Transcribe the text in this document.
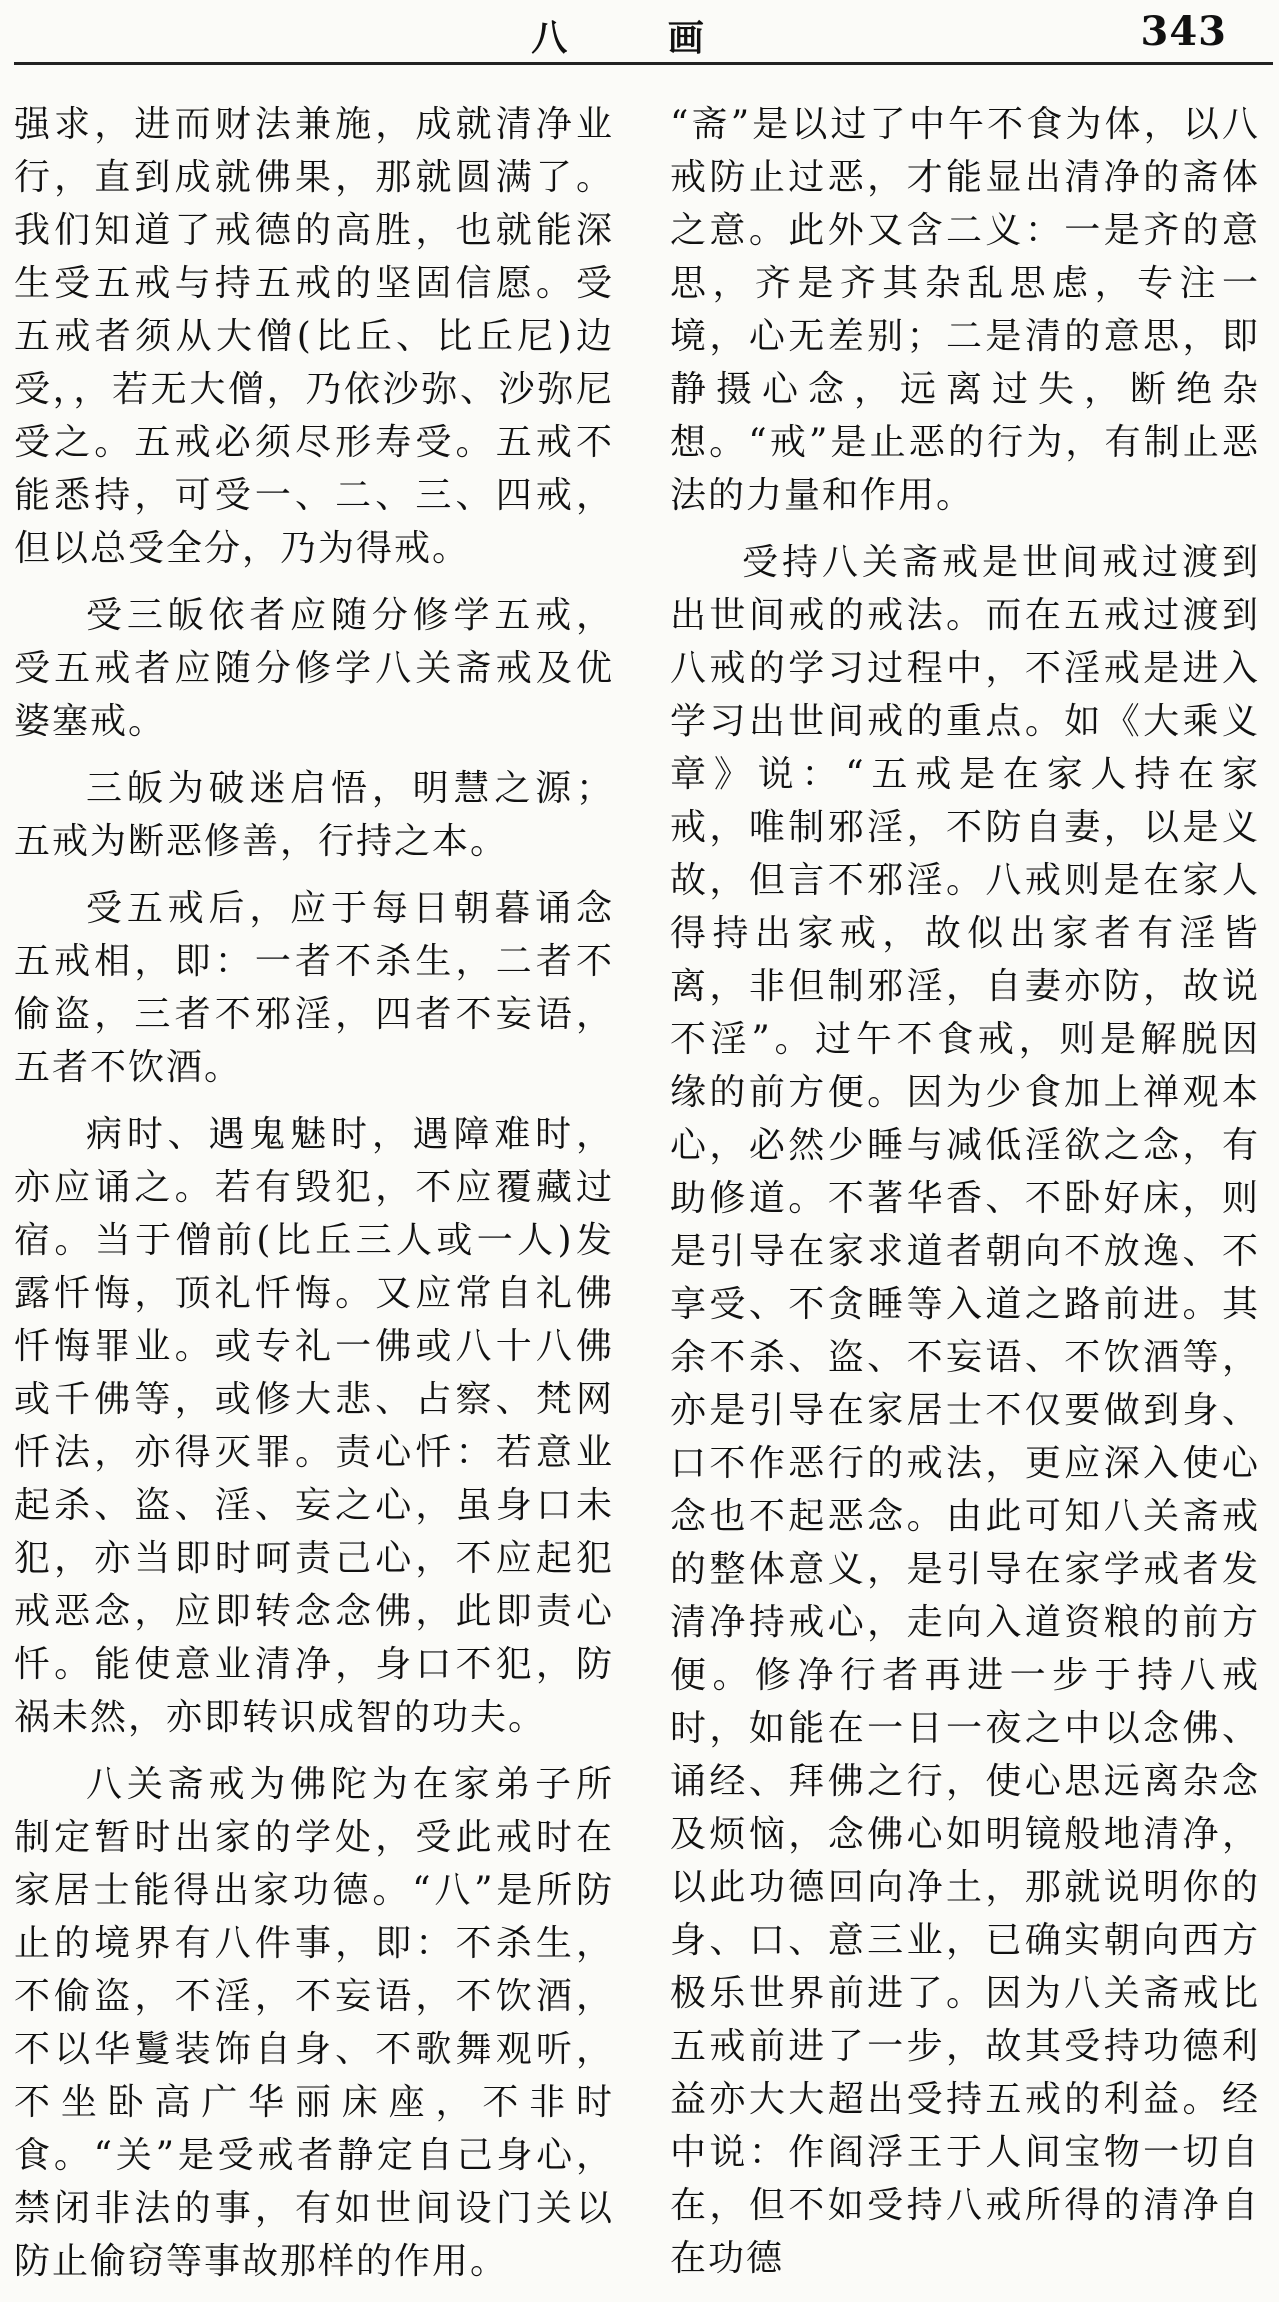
八 画	343

强求，进而财法兼施，成就清净业行，直到成就佛果，那就圆满了。我们知道了戒德的高胜，也就能深生受五戒与持五戒的坚固信愿。受五戒者须从大僧(比丘、比丘尼)边受，，若无大僧，乃依沙弥、沙弥尼受之。五戒必须尽形寿受。五戒不能悉持，可受一、二、三、四戒，但以总受全分，乃为得戒。

受三皈依者应随分修学五戒，受五戒者应随分修学八关斋戒及优婆塞戒。

三皈为破迷启悟，明慧之源；五戒为断恶修善，行持之本。

受五戒后，应于每日朝暮诵念五戒相，即：一者不杀生，二者不偷盗，三者不邪淫，四者不妄语，五者不饮酒。

病时、遇鬼魅时，遇障难时，亦应诵之。若有毁犯，不应覆藏过宿。当于僧前(比丘三人或一人)发露忏悔，顶礼忏悔。又应常自礼佛忏悔罪业。或专礼一佛或八十八佛或千佛等，或修大悲、占察、梵网忏法，亦得灭罪。责心忏：若意业起杀、盗、淫、妄之心，虽身口未犯，亦当即时呵责己心，不应起犯戒恶念，应即转念念佛，此即责心忏。能使意业清净，身口不犯，防祸未然，亦即转识成智的功夫。

八关斋戒为佛陀为在家弟子所制定暂时出家的学处，受此戒时在家居士能得出家功德。“八”是所防止的境界有八件事，即：不杀生，不偷盗，不淫，不妄语，不饮酒，不以华鬘装饰自身、不歌舞观听，不坐卧高广华丽床座，不非时食。“关”是受戒者静定自己身心，禁闭非法的事，有如世间设门关以防止偷窃等事故那样的作用。

“斋”是以过了中午不食为体，以八戒防止过恶，才能显出清净的斋体之意。此外又含二义：一是齐的意思，齐是齐其杂乱思虑，专注一境，心无差别；二是清的意思，即静摄心念，远离过失，断绝杂想。“戒”是止恶的行为，有制止恶法的力量和作用。

受持八关斋戒是世间戒过渡到出世间戒的戒法。而在五戒过渡到八戒的学习过程中，不淫戒是进入学习出世间戒的重点。如《大乘义章》说：“五戒是在家人持在家戒，唯制邪淫，不防自妻，以是义故，但言不邪淫。八戒则是在家人得持出家戒，故似出家者有淫皆离，非但制邪淫，自妻亦防，故说不淫”。过午不食戒，则是解脱因缘的前方便。因为少食加上禅观本心，必然少睡与减低淫欲之念，有助修道。不著华香、不卧好床，则是引导在家求道者朝向不放逸、不享受、不贪睡等入道之路前进。其余不杀、盗、不妄语、不饮酒等，亦是引导在家居士不仅要做到身、口不作恶行的戒法，更应深入使心念也不起恶念。由此可知八关斋戒的整体意义，是引导在家学戒者发清净持戒心，走向入道资粮的前方便。修净行者再进一步于持八戒时，如能在一日一夜之中以念佛、诵经、拜佛之行，使心思远离杂念及烦恼，念佛心如明镜般地清净，以此功德回向净土，那就说明你的身、口、意三业，已确实朝向西方极乐世界前进了。因为八关斋戒比五戒前进了一步，故其受持功德利益亦大大超出受持五戒的利益。经中说：作阎浮王于人间宝物一切自在，但不如受持八戒所得的清净自在功德
